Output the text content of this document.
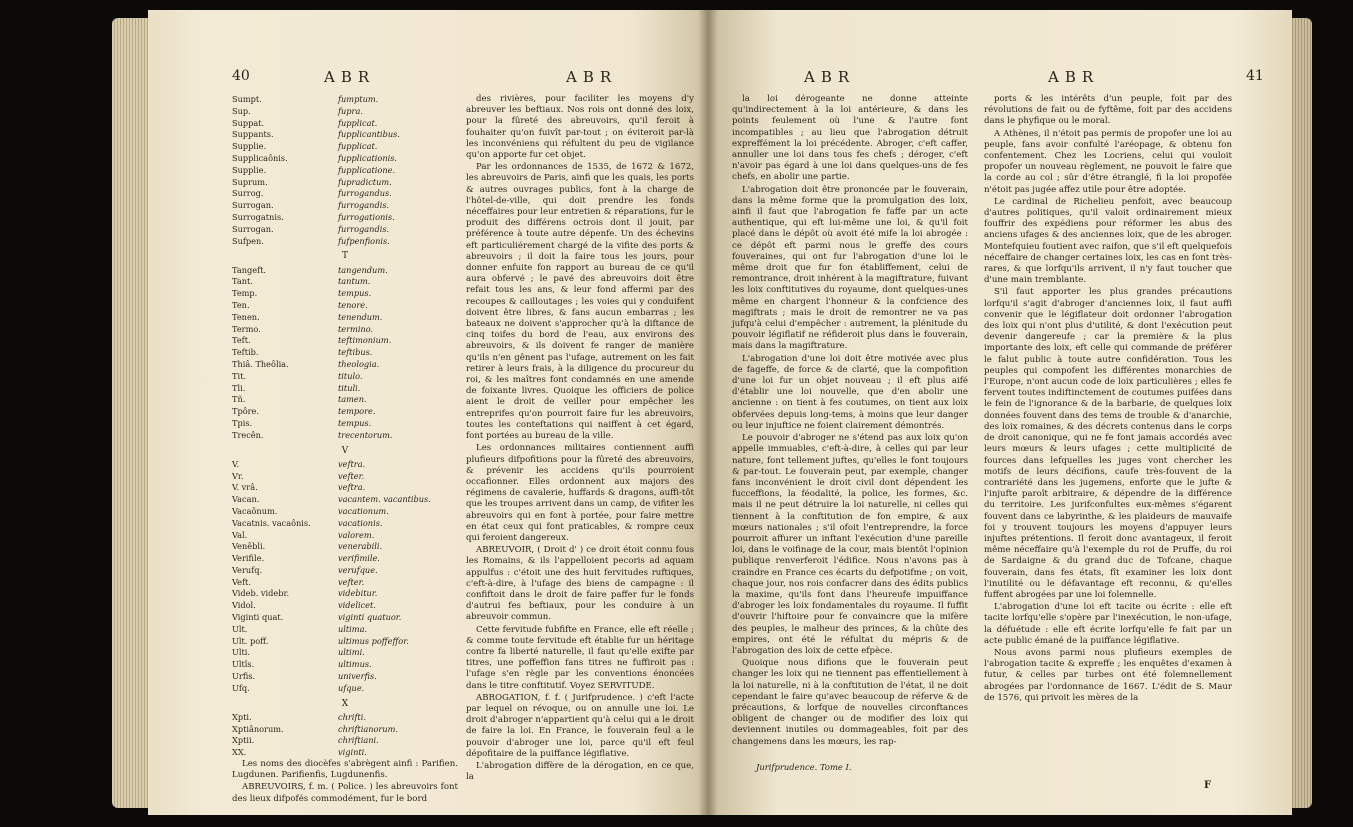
40	ABR	ABR
Sumpt.	fumptum.
Sup.	fupra.
Suppat.	fupplicat.
Suppants.	fupplicantibus.
Supplie.	fupplicat.
Supplicaônis.	fupplicationis.
Supplie.	fupplicatione.
Suprum.	fupradictum.
Surrog.	furrogandus.
Surrogan.	furrogandis.
Surrogatnis.	furrogationis.
Surrogan.	furrogandis.
Sufpen.	fufpenfionis.
T
Tangeft.	tangendum.
Tant.	tantum.
Temp.	tempus.
Ten.	tenore.
Tenen.	tenendum.
Termo.	termino.
Teft.	teftimonium.
Teftib.	teftibus.
Thiâ. Theôlia.	theologia.
Tit.	titulo.
Tli.	tituli.
Tñ.	tamen.
Tpôre.	tempore.
Tpis.	tempus.
Trecên.	trecentorum.
V
V.	veftra.
Vr.	vefter.
V. vrâ.	veftra.
Vacan.	vacantem. vacantibus.
Vacaônum.	vacationum.
Vacatnis. vacaônis.	vacationis.
Val.	valorem.
Venêbli.	venerabili.
Verifile.	verifimile.
Verufq.	verufque.
Veft.	vefter.
Videb. videbr.	videbitur.
Vidol.	videlicet.
Viginti quat.	viginti quatuor.
Ult.	ultima.
Ult. poff.	ultimus poffeffor.
Ulti.	ultimi.
Ultîs.	ultimus.
Urfis.	univerfis.
Ufq.	ufque.
X
Xpti.	chrifti.
Xptiânorum.	chriftianorum.
Xptii.	chriftiani.
XX.	viginti.

Les noms des diocèfes s'abrègent ainfi : Parifien. Lugdunen. Parifienfis, Lugdunenfis.

ABREUVOIRS, f. m. ( Police. ) les abreuvoirs font des lieux difpofés commodément, fur le bord

des rivières, pour faciliter les moyens d'y abreuver les beftiaux. Nos rois ont donné des loix, pour la fûreté des abreuvoirs, qu'il feroit à fouhaiter qu'on fuivît par-tout ; on éviteroit par-là les inconvéniens qui réfultent du peu de vigilance qu'on apporte fur cet objet.

Par les ordonnances de 1535, de 1672 & 1672, les abreuvoirs de Paris, ainfi que les quais, les ports & autres ouvrages publics, font à la charge de l'hôtel-de-ville, qui doit prendre les fonds néceffaires pour leur entretien & réparations, fur le produit des différens octrois dont il jouit, par préférence à toute autre dépenfe. Un des échevins eft particuliérement chargé de la vifite des ports & abreuvoirs ; il doit la faire tous les jours, pour donner enfuite fon rapport au bureau de ce qu'il aura obfervé ; le pavé des abreuvoirs doit être refait tous les ans, & leur fond affermi par des recoupes & cailloutages ; les voies qui y conduifent doivent être libres, & fans aucun embarras ; les bateaux ne doivent s'approcher qu'à la diftance de cinq toifes du bord de l'eau, aux environs des abreuvoirs, & ils doivent fe ranger de manière qu'ils n'en gênent pas l'ufage, autrement on les fait retirer à leurs frais, à la diligence du procureur du roi, & les maîtres font condamnés en une amende de foixante livres. Quoique les officiers de police aient le droit de veiller pour empêcher les entreprifes qu'on pourroit faire fur les abreuvoirs, toutes les conteftations qui naiffent à cet égard, font portées au bureau de la ville.

Les ordonnances militaires contiennent auffi plufieurs difpofitions pour la fûreté des abreuvoirs, & prévenir les accidens qu'ils pourroient occafionner. Elles ordonnent aux majors des régimens de cavalerie, huffards & dragons, auffi-tôt que les troupes arrivent dans un camp, de vifiter les abreuvoirs qui en font à portée, pour faire mettre en état ceux qui font praticables, & rompre ceux qui feroient dangereux.

ABREUVOIR, ( Droit d' ) ce droit étoit connu fous les Romains, & ils l'appelloient pecoris ad aquam appulfus : c'étoit une des huit fervitudes ruftiques, c'eft-à-dire, à l'ufage des biens de campagne : il confiftoit dans le droit de faire paffer fur le fonds d'autrui fes beftiaux, pour les conduire à un abreuvoir commun.

Cette fervitude fubfifte en France, elle eft réelle ; & comme toute fervitude eft établie fur un héritage contre fa liberté naturelle, il faut qu'elle exifte par titres, une poffeffion fans titres ne fuffiroit pas : l'ufage s'en règle par les conventions énoncées dans le titre conftitutif. Voyez SERVITUDE.

ABROGATION, f. f. ( Jurifprudence. ) c'eft l'acte par lequel on révoque, ou on annulle une loi. Le droit d'abroger n'appartient qu'à celui qui a le droit de faire la loi. En France, le fouverain feul a le pouvoir d'abroger une loi, parce qu'il eft feul dépofitaire de la puiffance légiflative.

L'abrogation diffère de la dérogation, en ce que, la

ABR	ABR	41

la loi dérogeante ne donne atteinte qu'indirectement à la loi antérieure, & dans les points feulement où l'une & l'autre font incompatibles ; au lieu que l'abrogation détruit expreffément la loi précédente. Abroger, c'eft caffer, annuller une loi dans tous fes chefs ; déroger, c'eft n'avoir pas égard à une loi dans quelques-uns de fes chefs, en abolir une partie.

L'abrogation doit être prononcée par le fouverain, dans la même forme que la promulgation des loix, ainfi il faut que l'abrogation fe faffe par un acte authentique, qui eft lui-même une loi, & qu'il foit placé dans le dépôt où avoit été mife la loi abrogée : ce dépôt eft parmi nous le greffe des cours fouveraines, qui ont fur l'abrogation d'une loi le même droit que fur fon établiffement, celui de remontrance, droit inhérent à la magiftrature, fuivant les loix conftitutives du royaume, dont quelques-unes même en chargent l'honneur & la confcience des magiftrats ; mais le droit de remontrer ne va pas jufqu'à celui d'empêcher : autrement, la plénitude du pouvoir légiflatif ne réfideroit plus dans le fouverain, mais dans la magiftrature.

L'abrogation d'une loi doit être motivée avec plus de fageffe, de force & de clarté, que la compofition d'une loi fur un objet nouveau ; il eft plus aifé d'établir une loi nouvelle, que d'en abolir une ancienne : on tient à fes coutumes, on tient aux loix obfervées depuis long-tems, à moins que leur danger ou leur injuftice ne foient clairement démontrés.

Le pouvoir d'abroger ne s'étend pas aux loix qu'on appelle immuables, c'eft-à-dire, à celles qui par leur nature, font tellement juftes, qu'elles le font toujours & par-tout. Le fouverain peut, par exemple, changer fans inconvénient le droit civil dont dépendent les fucceffions, la féodalité, la police, les formes, &c. mais il ne peut détruire la loi naturelle, ni celles qui tiennent à la conftitution de fon empire, & aux mœurs nationales ; s'il ofoit l'entreprendre, la force pourroit affurer un inftant l'exécution d'une pareille loi, dans le voifinage de la cour, mais bientôt l'opinion publique renverferoit l'édifice. Nous n'avons pas à craindre en France ces écarts du defpotifme ; on voit, chaque jour, nos rois confacrer dans des édits publics la maxime, qu'ils font dans l'heureufe impuiffance d'abroger les loix fondamentales du royaume. Il fuffit d'ouvrir l'hiftoire pour fe convaincre que la mifère des peuples, le malheur des princes, & la chûte des empires, ont été le réfultat du mépris & de l'abrogation des loix de cette efpèce.

Quoique nous difions que le fouverain peut changer les loix qui ne tiennent pas effentiellement à la loi naturelle, ni à la conftitution de l'état, il ne doit cependant le faire qu'avec beaucoup de réferve & de précautions, & lorfque de nouvelles circonftances obligent de changer ou de modifier des loix qui deviennent inutiles ou dommageables, foit par des changemens dans les mœurs, les rap-

Jurifprudence. Tome I.

ports & les intérêts d'un peuple, foit par des révolutions de fait ou de fyftême, foit par des accidens dans le phyfique ou le moral.

A Athènes, il n'étoit pas permis de propofer une loi au peuple, fans avoir confulté l'aréopage, & obtenu fon confentement. Chez les Locriens, celui qui vouloit propofer un nouveau règlement, ne pouvoit le faire que la corde au col ; sûr d'être étranglé, fi la loi propofée n'étoit pas jugée affez utile pour être adoptée.

Le cardinal de Richelieu penfoit, avec beaucoup d'autres politiques, qu'il valoit ordinairement mieux fouffrir des expédiens pour réformer les abus des anciens ufages & des anciennes loix, que de les abroger. Montefquieu foutient avec raifon, que s'il eft quelquefois néceffaire de changer certaines loix, les cas en font très-rares, & que lorfqu'ils arrivent, il n'y faut toucher que d'une main tremblante.

S'il faut apporter les plus grandes précautions lorfqu'il s'agit d'abroger d'anciennes loix, il faut auffi convenir que le légiflateur doit ordonner l'abrogation des loix qui n'ont plus d'utilité, & dont l'exécution peut devenir dangereufe ; car la première & la plus importante des loix, eft celle qui commande de préférer le falut public à toute autre confidération. Tous les peuples qui compofent les différentes monarchies de l'Europe, n'ont aucun code de loix particulières ; elles fe fervent toutes indiftinctement de coutumes puifées dans le fein de l'ignorance & de la barbarie, de quelques loix données fouvent dans des tems de trouble & d'anarchie, des loix romaines, & des décrets contenus dans le corps de droit canonique, qui ne fe font jamais accordés avec leurs mœurs & leurs ufages ; cette multiplicité de fources dans lefquelles les juges vont chercher les motifs de leurs décifions, caufe très-fouvent de la contrariété dans les jugemens, enforte que le jufte & l'injufte paroît arbitraire, & dépendre de la différence du territoire. Les jurifconfultes eux-mêmes s'égarent fouvent dans ce labyrinthe, & les plaideurs de mauvaife foi y trouvent toujours les moyens d'appuyer leurs injuftes prétentions. Il feroit donc avantageux, il feroit même néceffaire qu'à l'exemple du roi de Pruffe, du roi de Sardaigne & du grand duc de Tofcane, chaque fouverain, dans fes états, fît examiner les loix dont l'inutilité ou le défavantage eft reconnu, & qu'elles fuffent abrogées par une loi folemnelle.

L'abrogation d'une loi eft tacite ou écrite : elle eft tacite lorfqu'elle s'opère par l'inexécution, le non-ufage, la défuétude : elle eft écrite lorfqu'elle fe fait par un acte public émané de la puiffance légiflative.

Nous avons parmi nous plufieurs exemples de l'abrogation tacite & expreffe ; les enquêtes d'examen à futur, & celles par turbes ont été folemnellement abrogées par l'ordonnance de 1667. L'édit de S. Maur de 1576, qui privoit les mères de la

F
